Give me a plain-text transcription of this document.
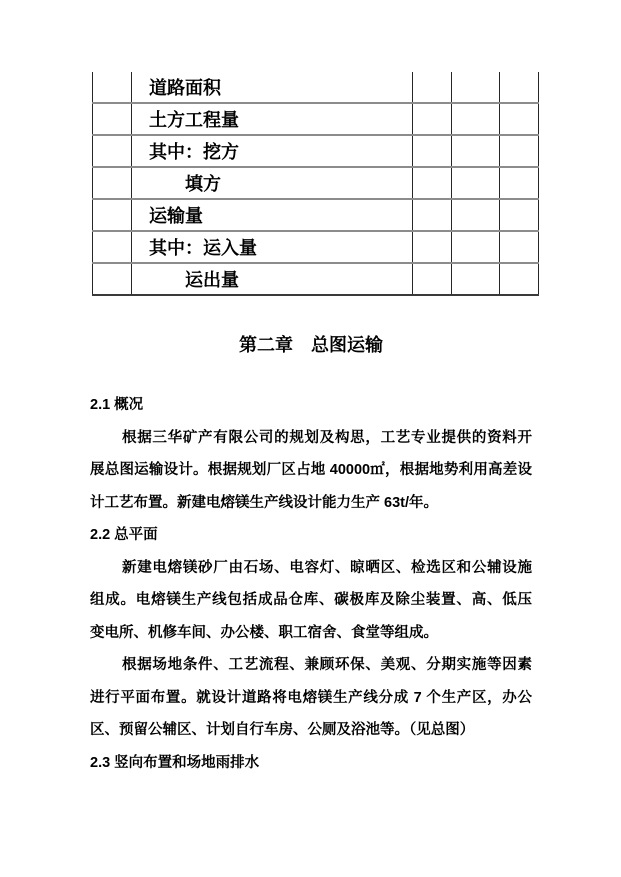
	道路面积			
	土方工程量			
	其中：挖方			
	填方			
	运输量			
	其中：运入量			
	运出量			
第二章　总图运输
2.1 概况
根据三华矿产有限公司的规划及构思，工艺专业提供的资料开
展总图运输设计。根据规划厂区占地 40000㎡，根据地势利用高差设
计工艺布置。新建电熔镁生产线设计能力生产 63t/年。
2.2 总平面
新建电熔镁砂厂由石场、电容灯、晾晒区、检选区和公辅设施
组成。电熔镁生产线包括成品仓库、碳极库及除尘装置、高、低压
变电所、机修车间、办公楼、职工宿舍、食堂等组成。
根据场地条件、工艺流程、兼顾环保、美观、分期实施等因素
进行平面布置。就设计道路将电熔镁生产线分成 7 个生产区，办公
区、预留公辅区、计划自行车房、公厕及浴池等。（见总图）
2.3 竖向布置和场地雨排水
